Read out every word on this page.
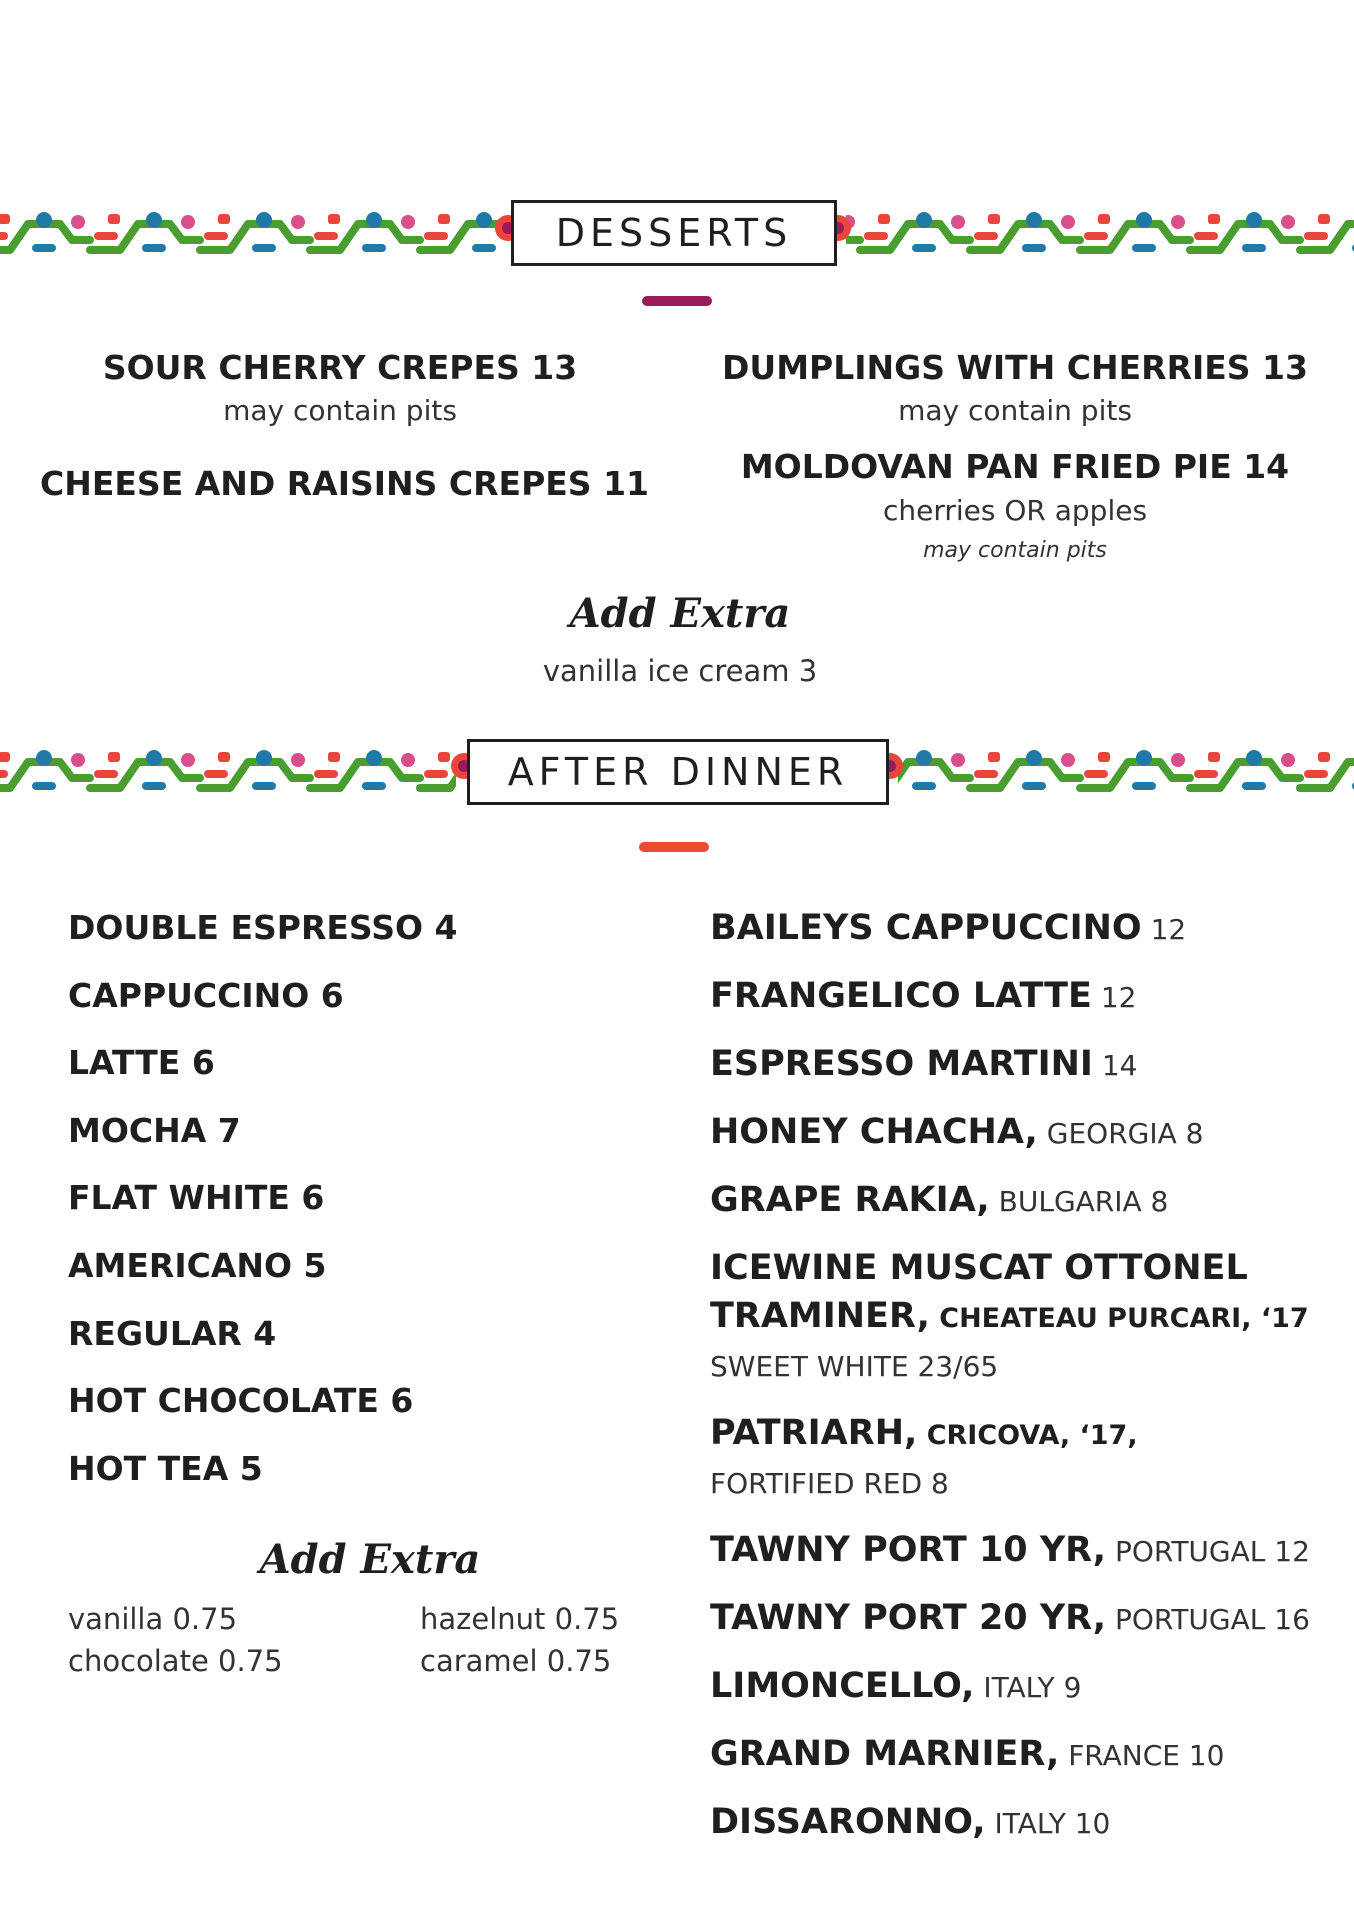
DESSERTS
SOUR CHERRY CREPES 13
may contain pits
CHEESE AND RAISINS CREPES 11
DUMPLINGS WITH CHERRIES 13
may contain pits
MOLDOVAN PAN FRIED PIE 14
cherries OR apples
may contain pits
Add Extra
vanilla ice cream 3
AFTER DINNER
DOUBLE ESPRESSO 4
CAPPUCCINO 6
LATTE 6
MOCHA 7
FLAT WHITE 6
AMERICANO 5
REGULAR 4
HOT CHOCOLATE 6
HOT TEA 5
Add Extra
vanilla 0.75
chocolate 0.75
hazelnut 0.75
caramel 0.75
BAILEYS CAPPUCCINO 12
FRANGELICO LATTE 12
ESPRESSO MARTINI 14
HONEY CHACHA, GEORGIA 8
GRAPE RAKIA, BULGARIA 8
ICEWINE MUSCAT OTTONEL
TRAMINER, CHEATEAU PURCARI, ‘17
SWEET WHITE 23/65
PATRIARH, CRICOVA, ‘17,
FORTIFIED RED 8
TAWNY PORT 10 YR, PORTUGAL 12
TAWNY PORT 20 YR, PORTUGAL 16
LIMONCELLO, ITALY 9
GRAND MARNIER, FRANCE 10
DISSARONNO, ITALY 10
